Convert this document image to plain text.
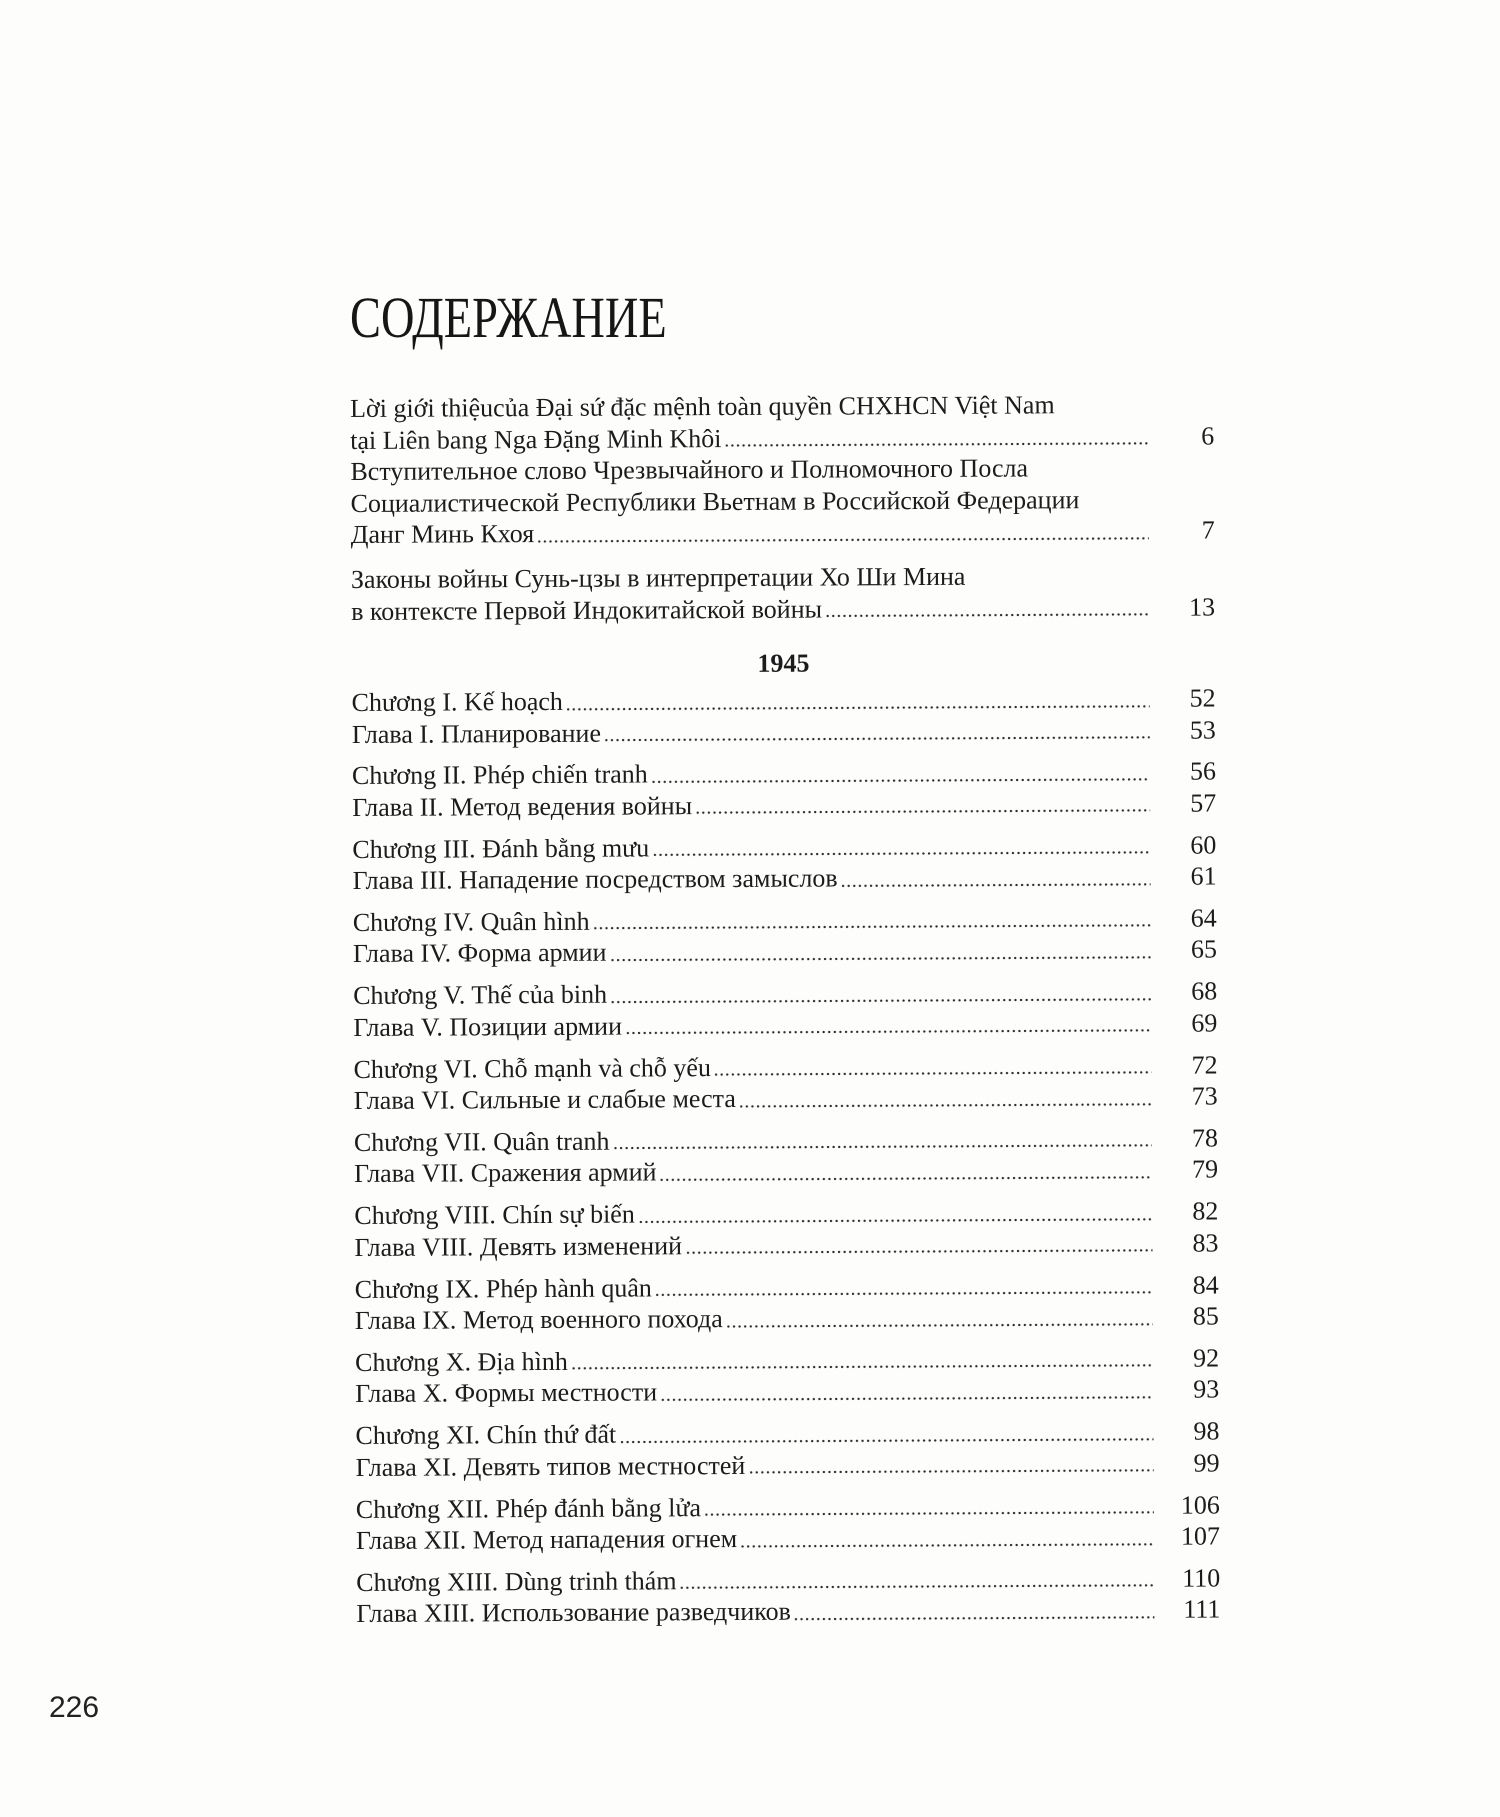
СОДЕРЖАНИЕ
Lời giới thiệucủa Đại sứ đặc mệnh toàn quyền CHXHCN Việt Nam
tại Liên bang Nga Đặng Minh Khôi	6
Вступительное слово Чрезвычайного и Полномочного Посла
Социалистической Республики Вьетнам в Российской Федерации
Данг Минь Кхоя	7
Законы войны Сунь-цзы в интерпретации Хо Ши Мина
в контексте Первой Индокитайской войны	13
1945
Chương I. Kế hoạch	52
Глава I. Планирование	53
Chương II. Phép chiến tranh	56
Глава II. Метод ведения войны	57
Chương III. Đánh bằng mưu	60
Глава III. Нападение посредством замыслов	61
Chương IV. Quân hình	64
Глава IV. Форма армии	65
Chương V. Thế của binh	68
Глава V. Позиции армии	69
Chương VI. Chỗ mạnh và chỗ yếu	72
Глава VI. Сильные и слабые места	73
Chương VII. Quân tranh	78
Глава VII. Сражения армий	79
Chương VIII. Chín sự biến	82
Глава VIII. Девять изменений	83
Chương IX. Phép hành quân	84
Глава IX. Метод военного похода	85
Chương X. Địa hình	92
Глава X. Формы местности	93
Chương XI. Chín thứ đất	98
Глава XI. Девять типов местностей	99
Chương XII. Phép đánh bằng lửa	106
Глава XII. Метод нападения огнем	107
Chương XIII. Dùng trinh thám	110
Глава XIII. Использование разведчиков	111
226
